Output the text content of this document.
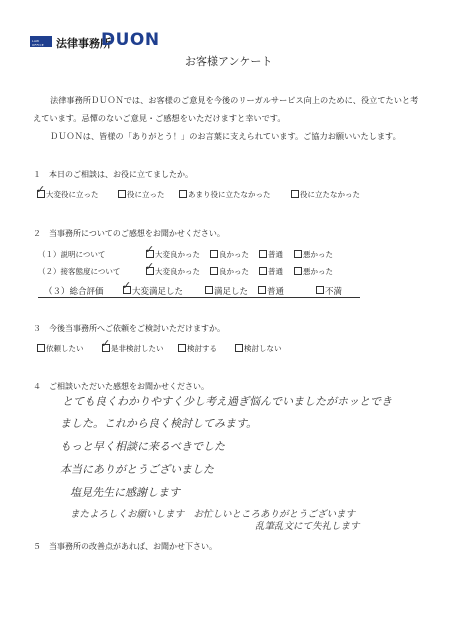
LAW OFFICE	法律事務所
DUON
お客様アンケート
法律事務所ＤＵＯＮでは、お客様のご意見を今後のリーガルサービス向上のために、役立てたいと考
えています。忌憚のないご意見・ご感想をいただけますと幸いです。
ＤＵＯＮは、皆様の「ありがとう！」のお言葉に支えられています。ご協力お願いいたします。
１　本日のご相談は、お役に立てましたか。
✓ 大変役に立った	役に立った	あまり役に立たなかった	役に立たなかった
２　当事務所についてのご感想をお聞かせください。
（１）説明について	✓ 大変良かった	良かった	普通	悪かった
（２）接客態度について ✓ 大変良かった	良かった	普通	悪かった
（３）総合評価 ✓ 大変満足した	満足した 普通	不満
３　今後当事務所へご依頼をご検討いただけますか。
依頼したい ✓ 是非検討したい	検討する	検討しない
４　ご相談いただいた感想をお聞かせください。
とても良くわかりやすく少し考え過ぎ悩んでいましたがホッとでき
ました。これから良く検討してみます。
もっと早く相談に来るべきでした
本当にありがとうございました
塩見先生に感謝します
またよろしくお願いします　お忙しいところありがとうございます
乱筆乱文にて失礼します
５　当事務所の改善点があれば、お聞かせ下さい。
